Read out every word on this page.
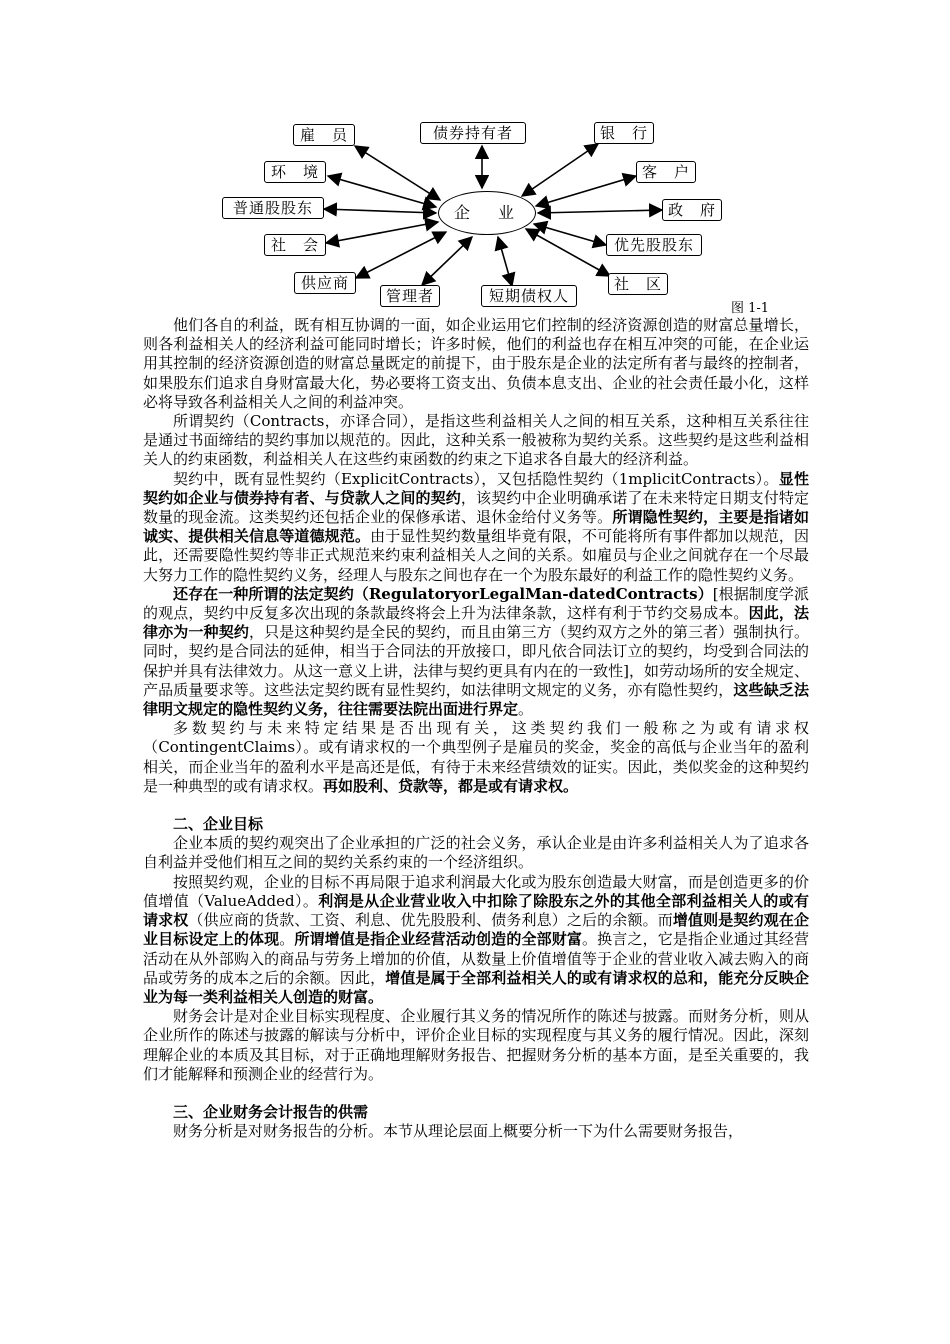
雇　员	债券持有者	银　行
环　境	客　户
普通股股东	政　府
社　会	优先股股东
供应商
管理者	短期债权人
社　区
企　业
图 1-1

他们各自的利益，既有相互协调的一面，如企业运用它们控制的经济资源创造的财富总量增长，则各利益相关人的经济利益可能同时增长；许多时候，他们的利益也存在相互冲突的可能，在企业运用其控制的经济资源创造的财富总量既定的前提下，由于股东是企业的法定所有者与最终的控制者，如果股东们追求自身财富最大化，势必要将工资支出、负债本息支出、企业的社会责任最小化，这样必将导致各利益相关人之间的利益冲突。

所谓契约（Contracts，亦译合同），是指这些利益相关人之间的相互关系，这种相互关系往往是通过书面缔结的契约事加以规范的。因此，这种关系一般被称为契约关系。这些契约是这些利益相关人的约束函数，利益相关人在这些约束函数的约束之下追求各自最大的经济利益。

契约中，既有显性契约（ExplicitContracts），又包括隐性契约（1mplicitContracts）。显性契约如企业与债券持有者、与贷款人之间的契约，该契约中企业明确承诺了在未来特定日期支付特定数量的现金流。这类契约还包括企业的保修承诺、退休金给付义务等。所谓隐性契约，主要是指诸如诚实、提供相关信息等道德规范。由于显性契约数量组毕竟有限，不可能将所有事件都加以规范，因此，还需要隐性契约等非正式规范来约束利益相关人之间的关系。如雇员与企业之间就存在一个尽最大努力工作的隐性契约义务，经理人与股东之间也存在一个为股东最好的利益工作的隐性契约义务。

还存在一种所谓的法定契约（RegulatoryorLegalMan-datedContracts）[根据制度学派的观点，契约中反复多次出现的条款最终将会上升为法律条款，这样有利于节约交易成本。因此，法律亦为一种契约，只是这种契约是全民的契约，而且由第三方（契约双方之外的第三者）强制执行。同时，契约是合同法的延伸，相当于合同法的开放接口，即凡依合同法订立的契约，均受到合同法的保护并具有法律效力。从这一意义上讲，法律与契约更具有内在的一致性]，如劳动场所的安全规定、产品质量要求等。这些法定契约既有显性契约，如法律明文规定的义务，亦有隐性契约，这些缺乏法律明文规定的隐性契约义务，往往需要法院出面进行界定。

多数契约与未来特定结果是否出现有关，这类契约我们一般称之为或有请求权（ContingentClaims）。或有请求权的一个典型例子是雇员的奖金，奖金的高低与企业当年的盈利相关，而企业当年的盈利水平是高还是低，有待于未来经营绩效的证实。因此，类似奖金的这种契约是一种典型的或有请求权。再如股利、贷款等，都是或有请求权。

二、企业目标

企业本质的契约观突出了企业承担的广泛的社会义务，承认企业是由许多利益相关人为了追求各自利益并受他们相互之间的契约关系约束的一个经济组织。

按照契约观，企业的目标不再局限于追求利润最大化或为股东创造最大财富，而是创造更多的价值增值（ValueAdded）。利润是从企业营业收入中扣除了除股东之外的其他全部利益相关人的或有请求权（供应商的货款、工资、利息、优先股股利、债务利息）之后的余额。而增值则是契约观在企业目标设定上的体现。所谓增值是指企业经营活动创造的全部财富。换言之，它是指企业通过其经营活动在从外部购入的商品与劳务上增加的价值，从数量上价值增值等于企业的营业收入减去购入的商品或劳务的成本之后的余额。因此，增值是属于全部利益相关人的或有请求权的总和，能充分反映企业为每一类利益相关人创造的财富。

财务会计是对企业目标实现程度、企业履行其义务的情况所作的陈述与披露。而财务分析，则从企业所作的陈述与披露的解读与分析中，评价企业目标的实现程度与其义务的履行情况。因此，深刻理解企业的本质及其目标，对于正确地理解财务报告、把握财务分析的基本方面，是至关重要的，我们才能解释和预测企业的经营行为。

三、企业财务会计报告的供需

财务分析是对财务报告的分析。本节从理论层面上概要分析一下为什么需要财务报告，
